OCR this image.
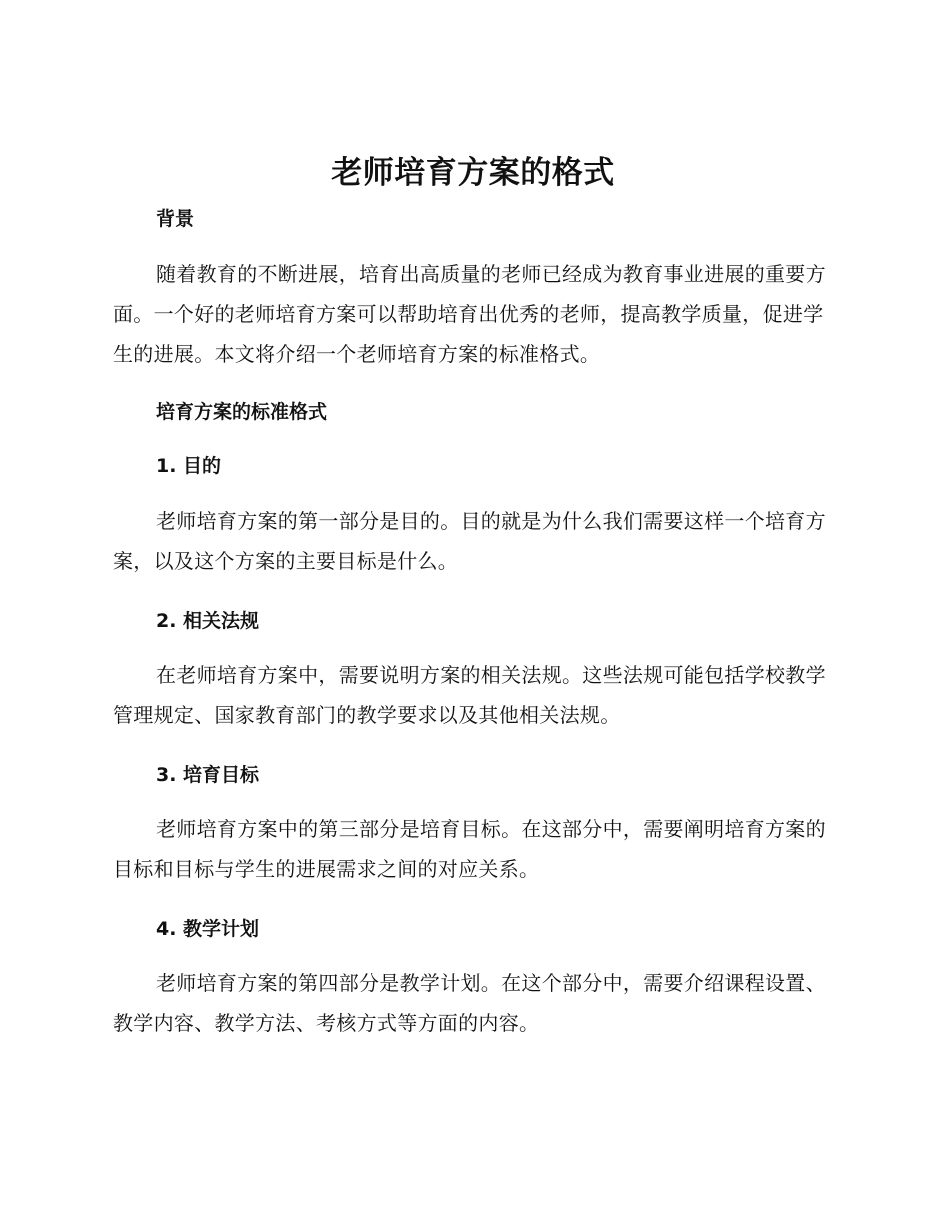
老师培育方案的格式
背景

随着教育的不断进展，培育出高质量的老师已经成为教育事业进展的重要方面。一个好的老师培育方案可以帮助培育出优秀的老师，提高教学质量，促进学生的进展。本文将介绍一个老师培育方案的标准格式。

培育方案的标准格式
1. 目的

老师培育方案的第一部分是目的。目的就是为什么我们需要这样一个培育方案，以及这个方案的主要目标是什么。

2. 相关法规

在老师培育方案中，需要说明方案的相关法规。这些法规可能包括学校教学管理规定、国家教育部门的教学要求以及其他相关法规。

3. 培育目标

老师培育方案中的第三部分是培育目标。在这部分中，需要阐明培育方案的目标和目标与学生的进展需求之间的对应关系。

4. 教学计划

老师培育方案的第四部分是教学计划。在这个部分中，需要介绍课程设置、教学内容、教学方法、考核方式等方面的内容。
